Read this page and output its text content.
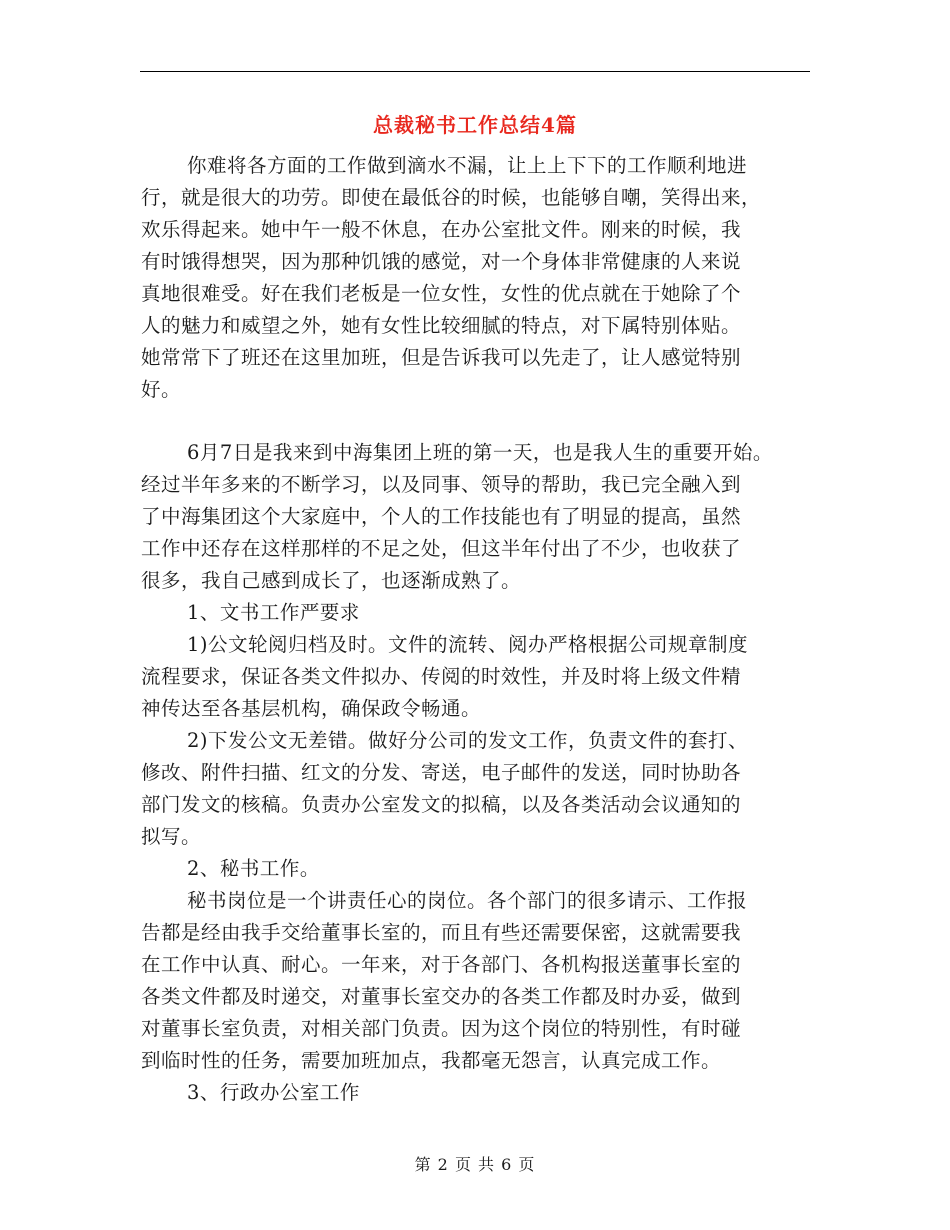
总裁秘书工作总结4篇
你难将各方面的工作做到滴水不漏，让上上下下的工作顺利地进
行，就是很大的功劳。即使在最低谷的时候，也能够自嘲，笑得出来，
欢乐得起来。她中午一般不休息，在办公室批文件。刚来的时候，我
有时饿得想哭，因为那种饥饿的感觉，对一个身体非常健康的人来说
真地很难受。好在我们老板是一位女性，女性的优点就在于她除了个
人的魅力和威望之外，她有女性比较细腻的特点，对下属特别体贴。
她常常下了班还在这里加班，但是告诉我可以先走了，让人感觉特别
好。
6月7日是我来到中海集团上班的第一天，也是我人生的重要开始。
经过半年多来的不断学习，以及同事、领导的帮助，我已完全融入到
了中海集团这个大家庭中，个人的工作技能也有了明显的提高，虽然
工作中还存在这样那样的不足之处，但这半年付出了不少，也收获了
很多，我自己感到成长了，也逐渐成熟了。
1、文书工作严要求
1)公文轮阅归档及时。文件的流转、阅办严格根据公司规章制度
流程要求，保证各类文件拟办、传阅的时效性，并及时将上级文件精
神传达至各基层机构，确保政令畅通。
2)下发公文无差错。做好分公司的发文工作，负责文件的套打、
修改、附件扫描、红文的分发、寄送，电子邮件的发送，同时协助各
部门发文的核稿。负责办公室发文的拟稿，以及各类活动会议通知的
拟写。
2、秘书工作。
秘书岗位是一个讲责任心的岗位。各个部门的很多请示、工作报
告都是经由我手交给董事长室的，而且有些还需要保密，这就需要我
在工作中认真、耐心。一年来，对于各部门、各机构报送董事长室的
各类文件都及时递交，对董事长室交办的各类工作都及时办妥，做到
对董事长室负责，对相关部门负责。因为这个岗位的特别性，有时碰
到临时性的任务，需要加班加点，我都毫无怨言，认真完成工作。
3、行政办公室工作
第 2 页 共 6 页
